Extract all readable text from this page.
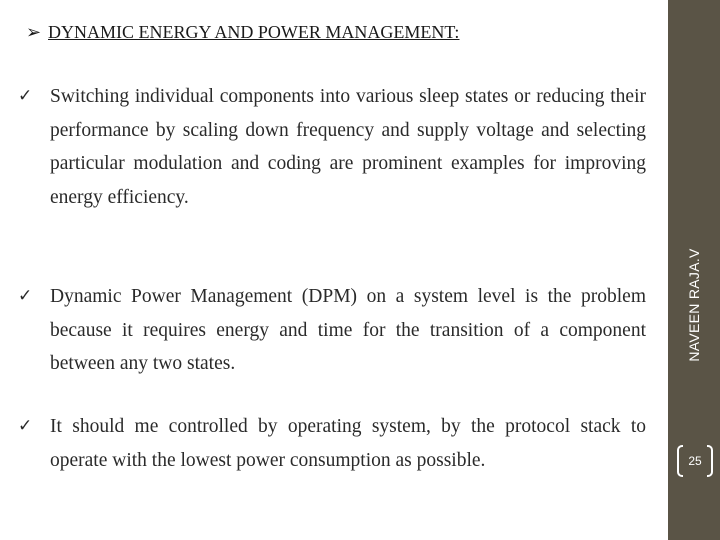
➢ DYNAMIC ENERGY AND POWER MANAGEMENT:
✓ Switching individual components into various sleep states or reducing their performance by scaling down frequency and supply voltage and selecting particular modulation and coding are prominent examples for improving energy efficiency.
✓ Dynamic Power Management (DPM) on a system level is the problem because it requires energy and time for the transition of a component between any two states.
✓ It should me controlled by operating system, by the protocol stack to operate with the lowest power consumption as possible.
NAVEEN RAJA.V
25
